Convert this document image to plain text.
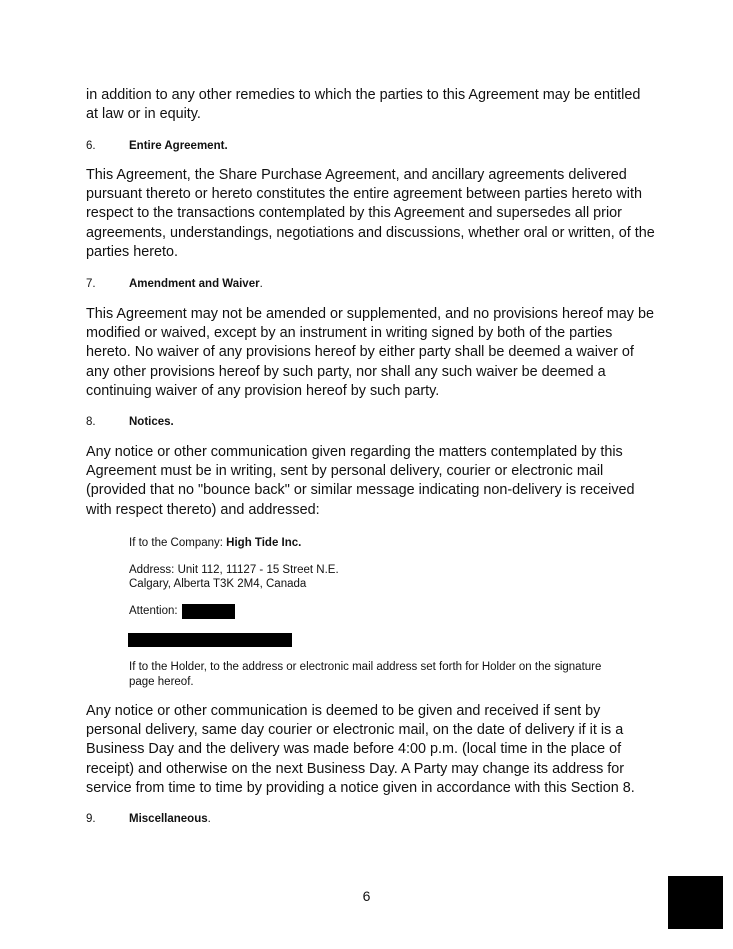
in addition to any other remedies to which the parties to this Agreement may be entitled at law or in equity.
6.	Entire Agreement.
This Agreement, the Share Purchase Agreement, and ancillary agreements delivered pursuant thereto or hereto constitutes the entire agreement between parties hereto with respect to the transactions contemplated by this Agreement and supersedes all prior agreements, understandings, negotiations and discussions, whether oral or written, of the parties hereto.
7.	Amendment and Waiver.
This Agreement may not be amended or supplemented, and no provisions hereof may be modified or waived, except by an instrument in writing signed by both of the parties hereto. No waiver of any provisions hereof by either party shall be deemed a waiver of any other provisions hereof by such party, nor shall any such waiver be deemed a continuing waiver of any provision hereof by such party.
8.	Notices.
Any notice or other communication given regarding the matters contemplated by this Agreement must be in writing, sent by personal delivery, courier or electronic mail (provided that no "bounce back" or similar message indicating non-delivery is received with respect thereto) and addressed:
If to the Company: High Tide Inc.
Address: Unit 112, 11127 - 15 Street N.E.
Calgary, Alberta T3K 2M4, Canada
Attention:
If to the Holder, to the address or electronic mail address set forth for Holder on the signature page hereof.
Any notice or other communication is deemed to be given and received if sent by personal delivery, same day courier or electronic mail, on the date of delivery if it is a Business Day and the delivery was made before 4:00 p.m. (local time in the place of receipt) and otherwise on the next Business Day. A Party may change its address for service from time to time by providing a notice given in accordance with this Section 8.
9.	Miscellaneous.
6
